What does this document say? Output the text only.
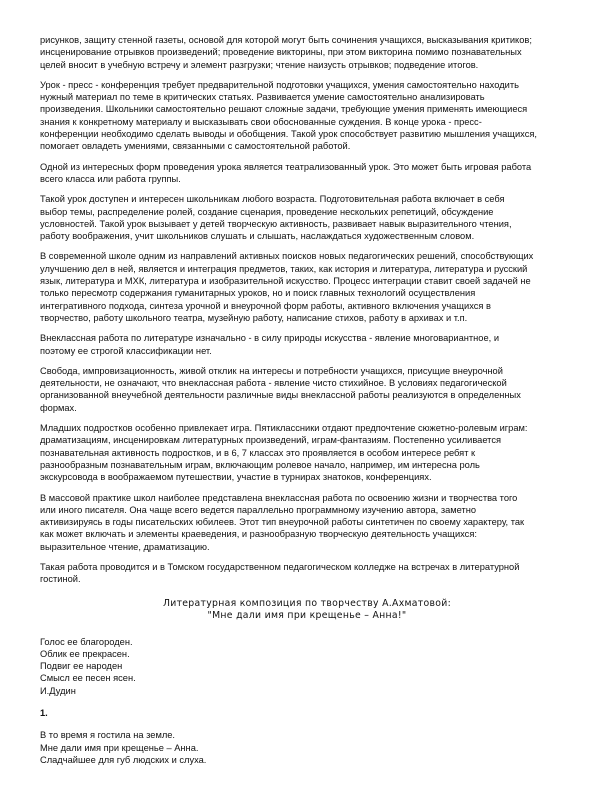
рисунков, защиту стенной газеты, основой для которой могут быть сочинения учащихся, высказывания критиков;
инсценирование отрывков произведений; проведение викторины, при этом викторина помимо познавательных
целей вносит в учебную встречу и элемент разгрузки; чтение наизусть отрывков; подведение итогов.

Урок - пресс - конференция требует предварительной подготовки учащихся, умения самостоятельно находить
нужный материал по теме в критических статьях. Развивается умение самостоятельно анализировать
произведения. Школьники самостоятельно решают сложные задачи, требующие умения применять имеющиеся
знания к конкретному материалу и высказывать свои обоснованные суждения. В конце урока - пресс-
конференции необходимо сделать выводы и обобщения. Такой урок способствует развитию мышления учащихся,
помогает овладеть умениями, связанными с самостоятельной работой.

Одной из интересных форм проведения урока является театрализованный урок. Это может быть игровая работа
всего класса или работа группы.

Такой урок доступен и интересен школьникам любого возраста. Подготовительная работа включает в себя
выбор темы, распределение ролей, создание сценария, проведение нескольких репетиций, обсуждение
условностей. Такой урок вызывает у детей творческую активность, развивает навык выразительного чтения,
работу воображения, учит школьников слушать и слышать, наслаждаться художественным словом.

В современной школе одним из направлений активных поисков новых педагогических решений, способствующих
улучшению дел в ней, является и интеграция предметов, таких, как история и литература, литература и русский
язык, литература и МХК, литература и изобразительной искусство. Процесс интеграции ставит своей задачей не
только пересмотр содержания гуманитарных уроков, но и поиск главных технологий осуществления
интегративного подхода, синтеза урочной и внеурочной форм работы, активного включения учащихся в
творчество, работу школьного театра, музейную работу, написание стихов, работу в архивах и т.п.

Внеклассная работа по литературе изначально - в силу природы искусства - явление многовариантное, и
поэтому ее строгой классификации нет.

Свобода, импровизационность, живой отклик на интересы и потребности учащихся, присущие внеурочной
деятельности, не означают, что внеклассная работа - явление чисто стихийное. В условиях педагогической
организованной внеучебной деятельности различные виды внеклассной работы реализуются в определенных
формах.

Младших подростков особенно привлекает игра. Пятиклассники отдают предпочтение сюжетно-ролевым играм:
драматизациям, инсценировкам литературных произведений, играм-фантазиям. Постепенно усиливается
познавательная активность подростков, и в 6, 7 классах это проявляется в особом интересе ребят к
разнообразным познавательным играм, включающим ролевое начало, например, им интересна роль
экскурсовода в воображаемом путешествии, участие в турнирах знатоков, конференциях.

В массовой практике школ наиболее представлена внеклассная работа по освоению жизни и творчества того
или иного писателя. Она чаще всего ведется параллельно программному изучению автора, заметно
активизируясь в годы писательских юбилеев. Этот тип внеурочной работы синтетичен по своему характеру, так
как может включать и элементы краеведения, и разнообразную творческую деятельность учащихся:
выразительное чтение, драматизацию.

Такая работа проводится и в Томском государственном педагогическом колледже на встречах в литературной
гостиной.

Литературная композиция по творчеству А.Ахматовой:
"Мне дали имя при крещенье – Анна!"

Голос ее благороден.
Облик ее прекрасен.
Подвиг ее народен
Смысл ее песен ясен.
И.Дудин

1.

В то время я гостила на земле.
Мне дали имя при крещенье – Анна.
Сладчайшее для губ людских и слуха.
